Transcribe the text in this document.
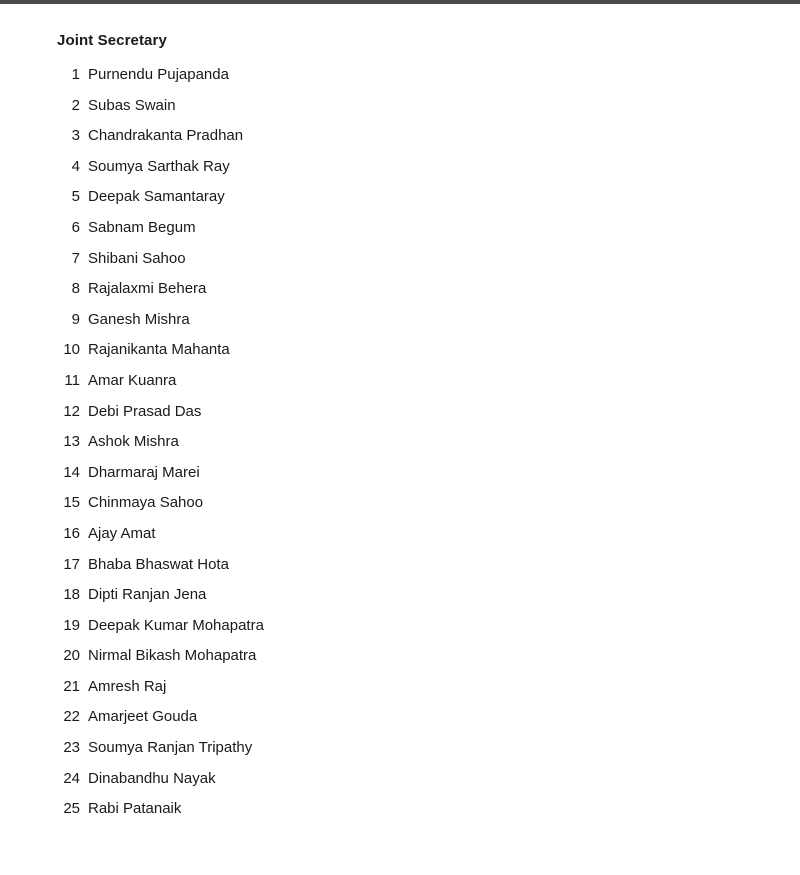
Joint Secretary
1 Purnendu Pujapanda
2 Subas Swain
3 Chandrakanta Pradhan
4 Soumya Sarthak Ray
5 Deepak Samantaray
6 Sabnam Begum
7 Shibani Sahoo
8 Rajalaxmi Behera
9 Ganesh Mishra
10 Rajanikanta Mahanta
11 Amar Kuanra
12 Debi Prasad Das
13 Ashok Mishra
14 Dharmaraj Marei
15 Chinmaya Sahoo
16 Ajay Amat
17 Bhaba Bhaswat Hota
18 Dipti Ranjan Jena
19 Deepak Kumar Mohapatra
20 Nirmal Bikash Mohapatra
21 Amresh Raj
22 Amarjeet Gouda
23 Soumya Ranjan Tripathy
24 Dinabandhu Nayak
25 Rabi Patanaik
